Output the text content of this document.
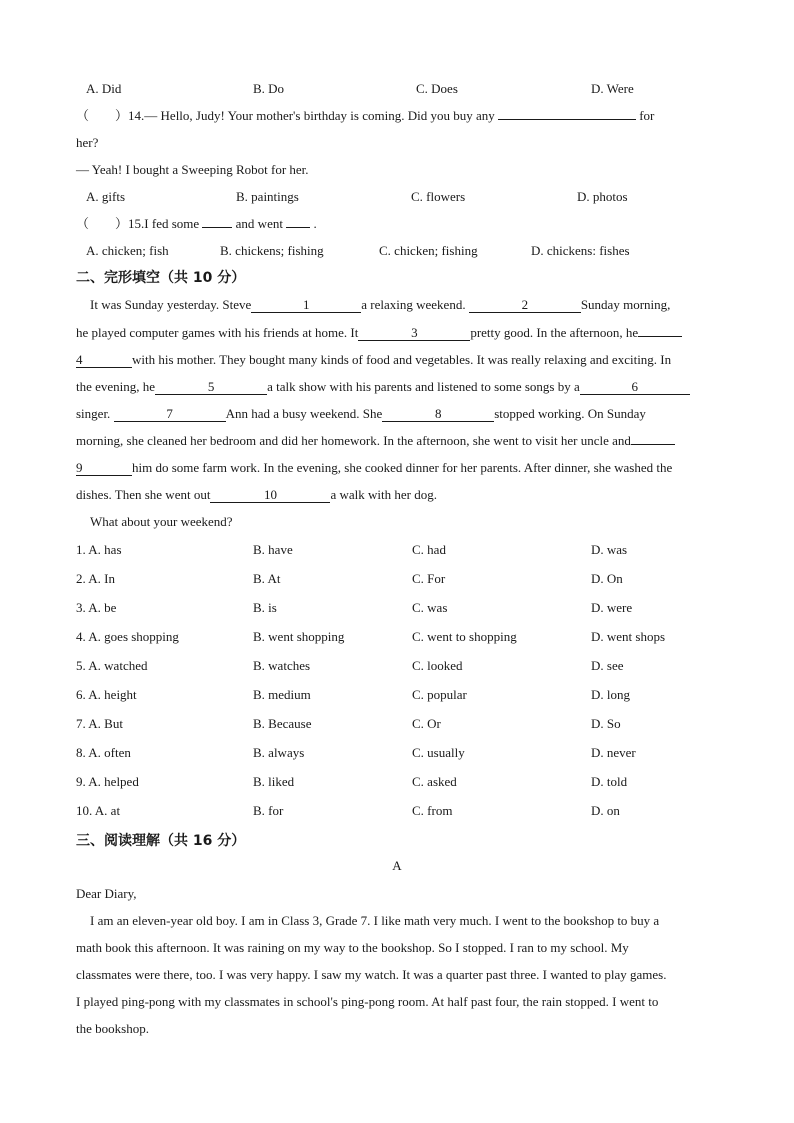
A. Did	B. Do	C. Does	D. Were
（ ）14.— Hello, Judy! Your mother's birthday is coming. Did you buy any	for
her?
— Yeah! I bought a Sweeping Robot for her.
A. gifts	B. paintings	C. flowers	D. photos
（ ）15.I fed some	and went .
A. chicken; fish	B. chickens; fishing	C. chicken; fishing	D. chickens: fishes
二、完形填空（共 10 分）
It was Sunday yesterday. Steve	1	a relaxing weekend.	2	Sunday morning,
he played computer games with his friends at home. It	3	pretty good. In the afternoon, he
4	with his mother. They bought many kinds of food and vegetables. It was really relaxing and exciting. In
the evening, he	5	a talk show with his parents and listened to some songs by a	6
singer.	7	Ann had a busy weekend. She	8	stopped working. On Sunday
morning, she cleaned her bedroom and did her homework. In the afternoon, she went to visit her uncle and
9	him do some farm work. In the evening, she cooked dinner for her parents. After dinner, she washed the
dishes. Then she went out	10	a walk with her dog.
What about your weekend?
1. A. has	B. have	C. had	D. was
2. A. In	B. At	C. For	D. On
3. A. be	B. is	C. was	D. were
4. A. goes shopping	B. went shopping	C. went to shopping	D. went shops
5. A. watched	B. watches	C. looked	D. see
6. A. height	B. medium	C. popular	D. long
7. A. But	B. Because	C. Or	D. So
8. A. often	B. always	C. usually	D. never
9. A. helped	B. liked	C. asked	D. told
10. A. at	B. for	C. from	D. on
三、阅读理解（共 16 分）
A
Dear Diary,
I am an eleven-year old boy. I am in Class 3, Grade 7. I like math very much. I went to the bookshop to buy a
math book this afternoon. It was raining on my way to the bookshop. So I stopped. I ran to my school. My
classmates were there, too. I was very happy. I saw my watch. It was a quarter past three. I wanted to play games.
I played ping-pong with my classmates in school's ping-pong room. At half past four, the rain stopped. I went to
the bookshop.
